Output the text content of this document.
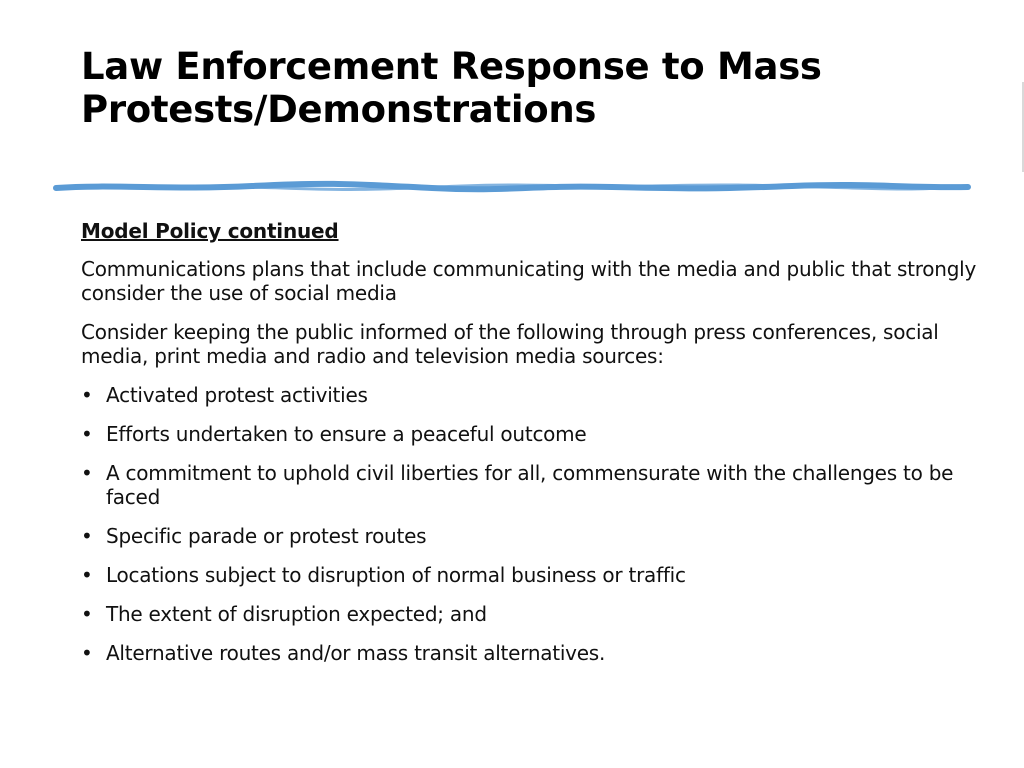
Law Enforcement Response to Mass Protests/Demonstrations

Model Policy continued

Communications plans that include communicating with the media and public that strongly consider the use of social media

Consider keeping the public informed of the following through press conferences, social media, print media and radio and television media sources:

• Activated protest activities
• Efforts undertaken to ensure a peaceful outcome
• A commitment to uphold civil liberties for all, commensurate with the challenges to be faced
• Specific parade or protest routes
• Locations subject to disruption of normal business or traffic
• The extent of disruption expected; and
• Alternative routes and/or mass transit alternatives.
